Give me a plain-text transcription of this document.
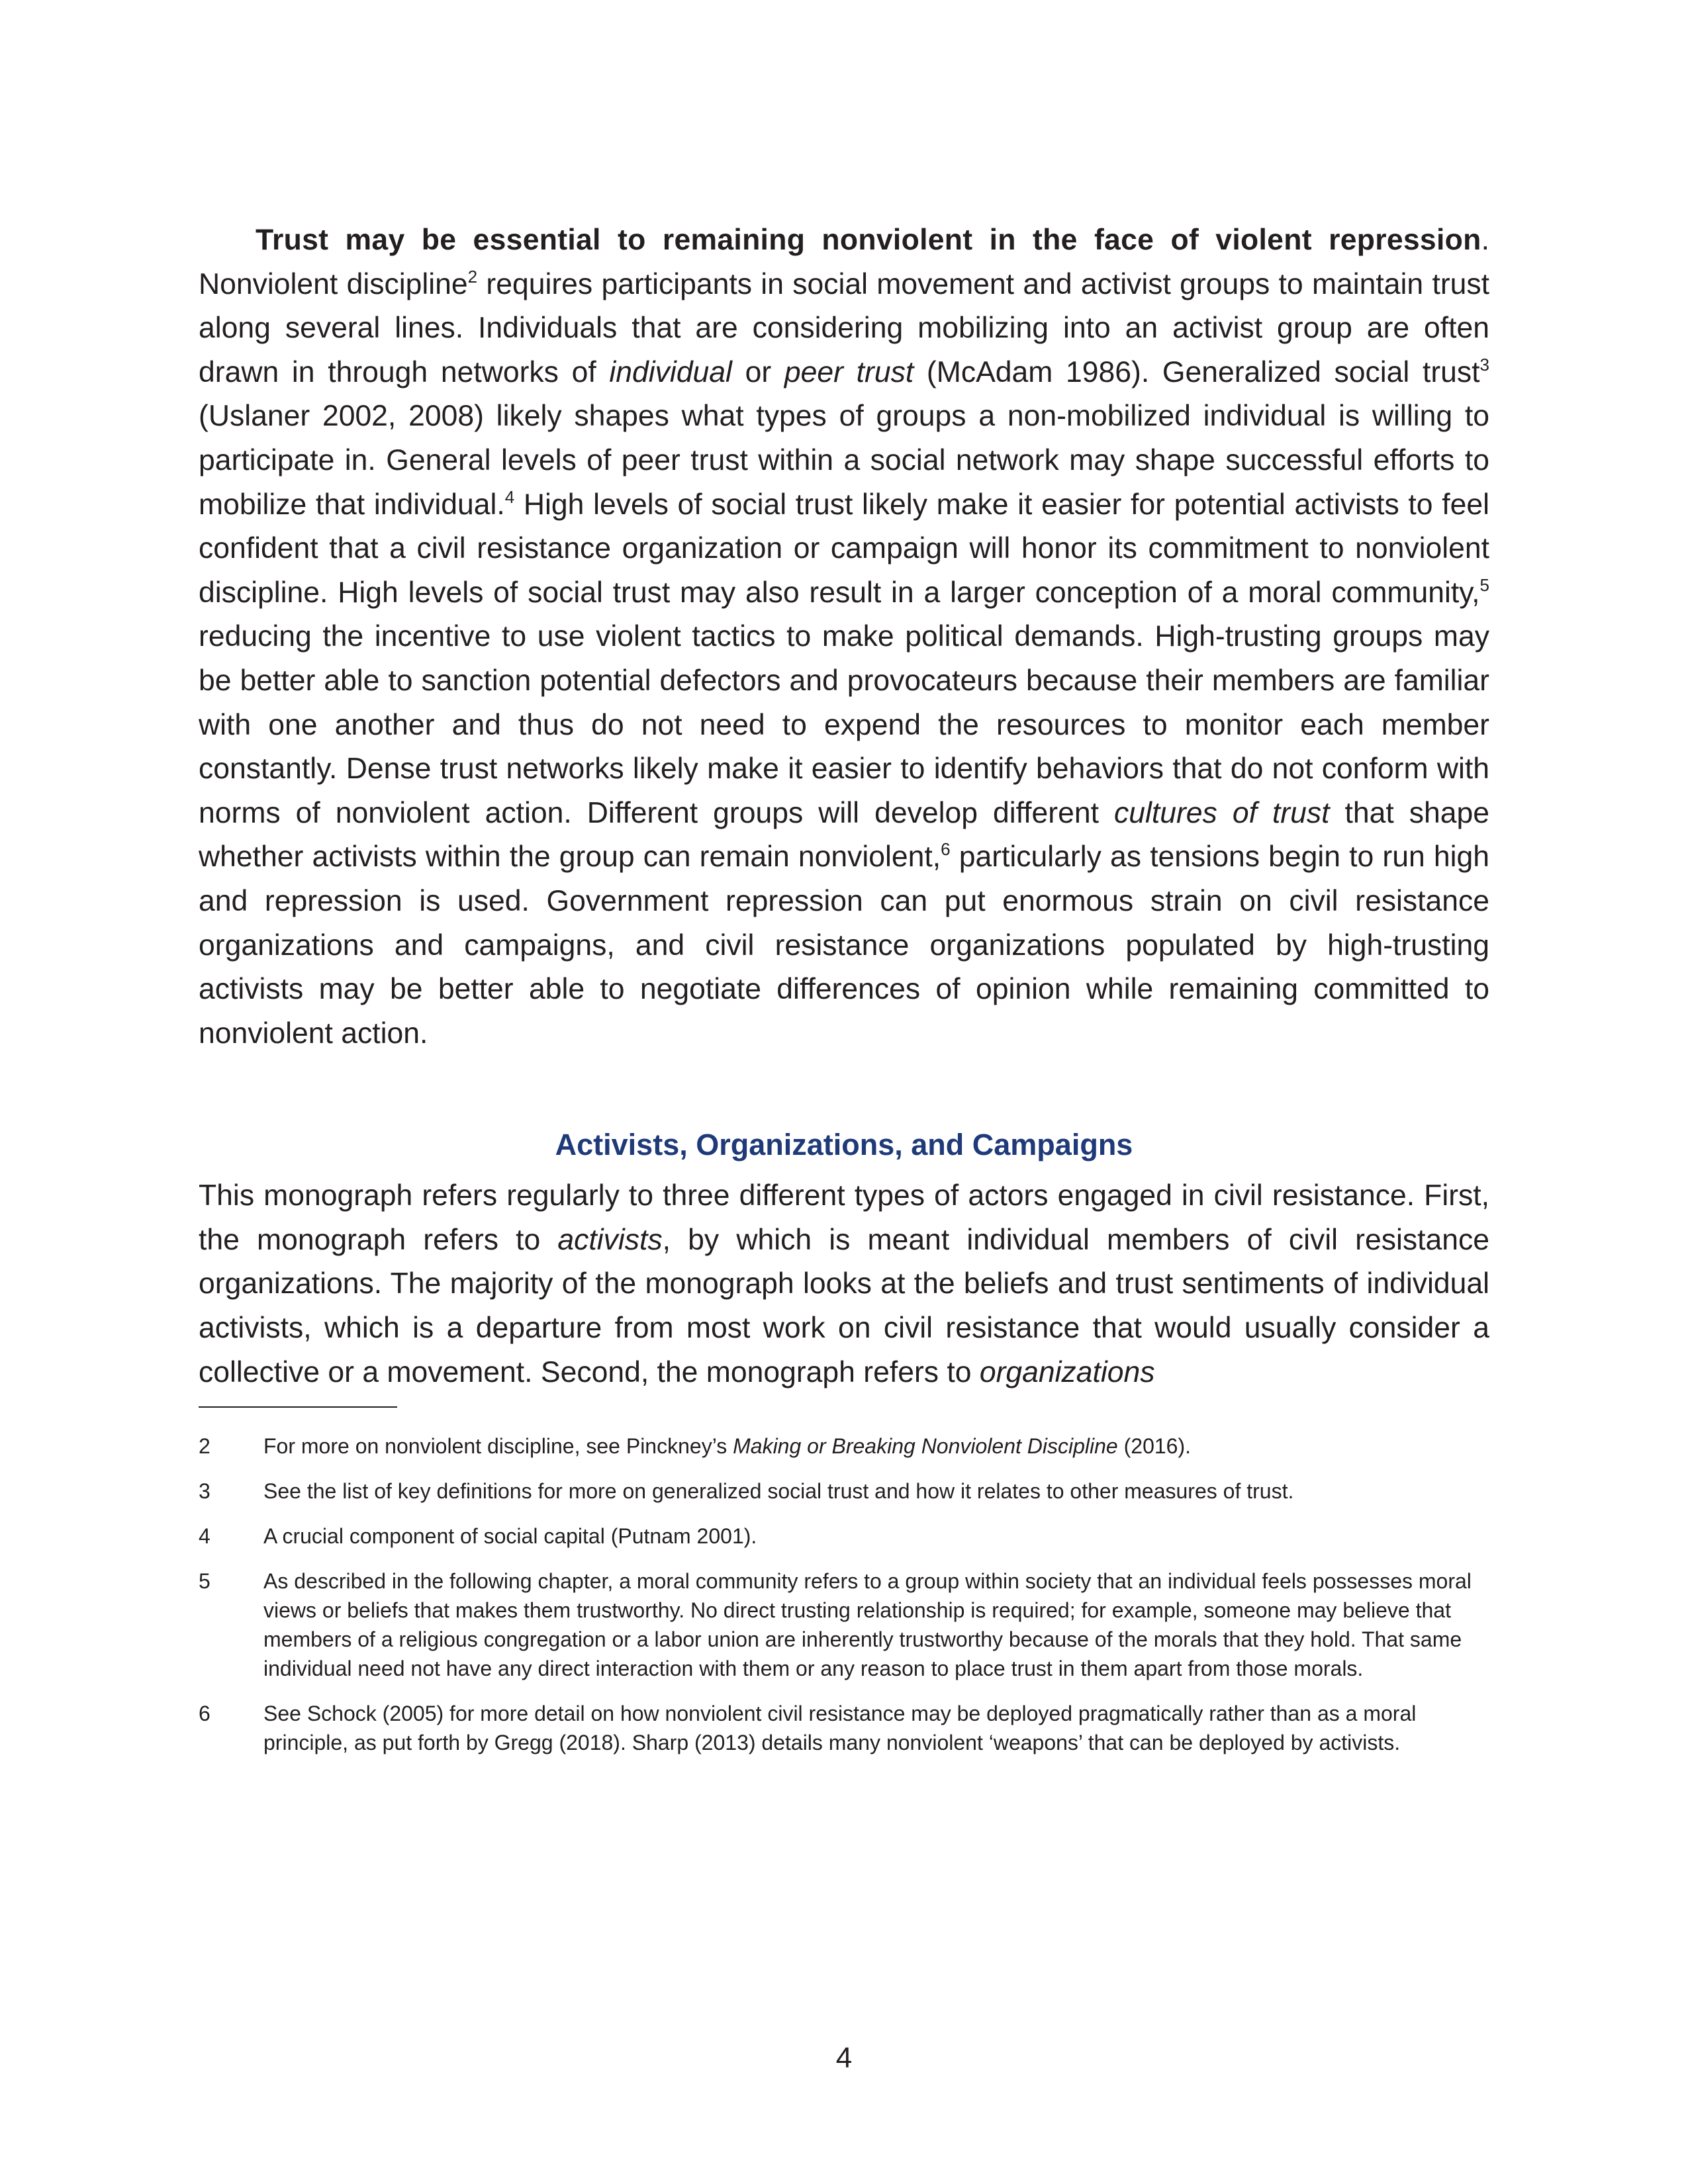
Trust may be essential to remaining nonviolent in the face of violent repression. Nonviolent discipline$^2$ requires participants in social movement and activist groups to maintain trust along several lines. Individuals that are considering mobilizing into an activist group are often drawn in through networks of individual or peer trust (McAdam 1986). Generalized social trust$^3$ (Uslaner 2002, 2008) likely shapes what types of groups a non-mobilized individual is willing to participate in. General levels of peer trust within a social network may shape successful efforts to mobilize that individual.$^4$ High levels of social trust likely make it easier for potential activists to feel confident that a civil resistance organization or campaign will honor its commitment to nonviolent discipline. High levels of social trust may also result in a larger conception of a moral community,$^5$ reducing the incentive to use violent tactics to make political demands. High-trusting groups may be better able to sanction potential defectors and provocateurs because their members are familiar with one another and thus do not need to expend the resources to monitor each member constantly. Dense trust networks likely make it easier to identify behaviors that do not conform with norms of nonviolent action. Different groups will develop different cultures of trust that shape whether activists within the group can remain nonviolent,$^6$ particularly as tensions begin to run high and repression is used. Government repression can put enormous strain on civil resistance organizations and campaigns, and civil resistance organizations populated by high-trusting activists may be better able to negotiate differences of opinion while remaining committed to nonviolent action.

Activists, Organizations, and Campaigns

This monograph refers regularly to three different types of actors engaged in civil resistance. First, the monograph refers to activists, by which is meant individual members of civil resistance organizations. The majority of the monograph looks at the beliefs and trust sentiments of individual activists, which is a departure from most work on civil resistance that would usually consider a collective or a movement. Second, the monograph refers to organizations

2	For more on nonviolent discipline, see Pinckney’s Making or Breaking Nonviolent Discipline (2016).
3	See the list of key definitions for more on generalized social trust and how it relates to other measures of trust.
4	A crucial component of social capital (Putnam 2001).
5	As described in the following chapter, a moral community refers to a group within society that an individual feels possesses moral views or beliefs that makes them trustworthy. No direct trusting relationship is required; for example, someone may believe that members of a religious congregation or a labor union are inherently trustworthy because of the morals that they hold. That same individual need not have any direct interaction with them or any reason to place trust in them apart from those morals.
6	See Schock (2005) for more detail on how nonviolent civil resistance may be deployed pragmatically rather than as a moral principle, as put forth by Gregg (2018). Sharp (2013) details many nonviolent ‘weapons’ that can be deployed by activists.
4
